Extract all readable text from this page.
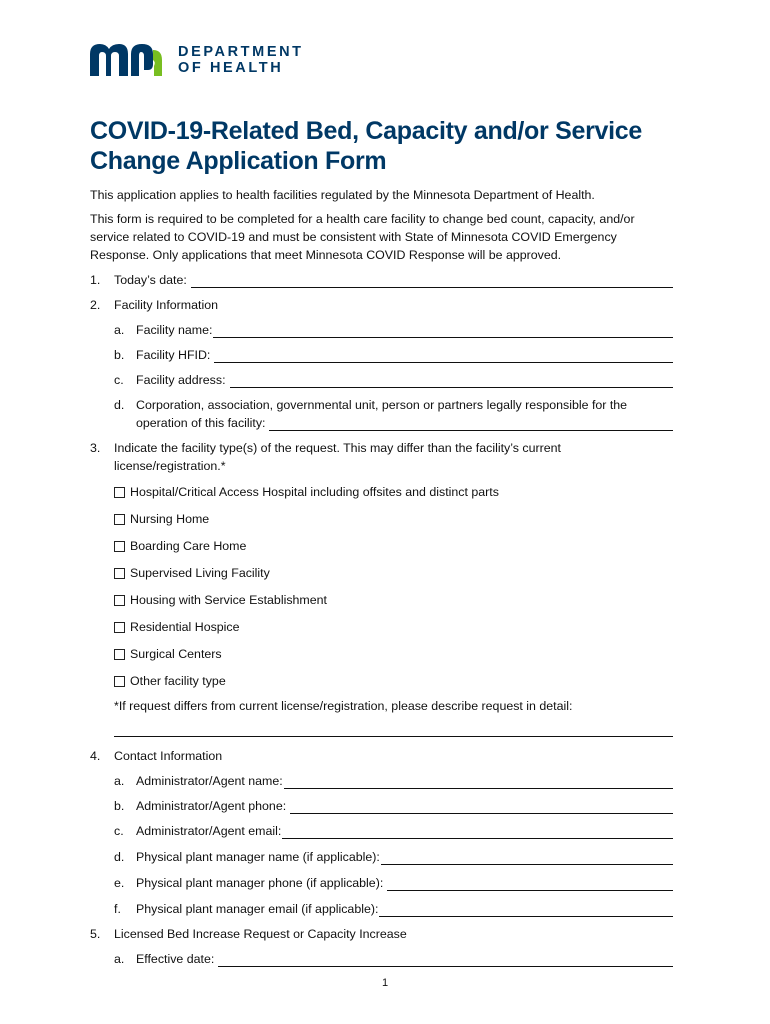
DEPARTMENT
OF HEALTH
COVID-19-Related Bed, Capacity and/or Service
Change Application Form

This application applies to health facilities regulated by the Minnesota Department of Health.

This form is required to be completed for a health care facility to change bed count, capacity, and/or
service related to COVID-19 and must be consistent with State of Minnesota COVID Emergency
Response. Only applications that meet Minnesota COVID Response will be approved.

1.	Today’s date:
2.	Facility Information
a. Facility name:
b. Facility HFID:
c. Facility address:
d. Corporation, association, governmental unit, person or partners legally responsible for the
operation of this facility:
3.	Indicate the facility type(s) of the request. This may differ than the facility’s current
license/registration.*
Hospital/Critical Access Hospital including offsites and distinct parts
Nursing Home
Boarding Care Home
Supervised Living Facility
Housing with Service Establishment
Residential Hospice
Surgical Centers
Other facility type
*If request differs from current license/registration, please describe request in detail:
4.	Contact Information
a. Administrator/Agent name:
b. Administrator/Agent phone:
c. Administrator/Agent email:
d. Physical plant manager name (if applicable):
e. Physical plant manager phone (if applicable):
f.	Physical plant manager email (if applicable):
5.	Licensed Bed Increase Request or Capacity Increase
a. Effective date:
1
